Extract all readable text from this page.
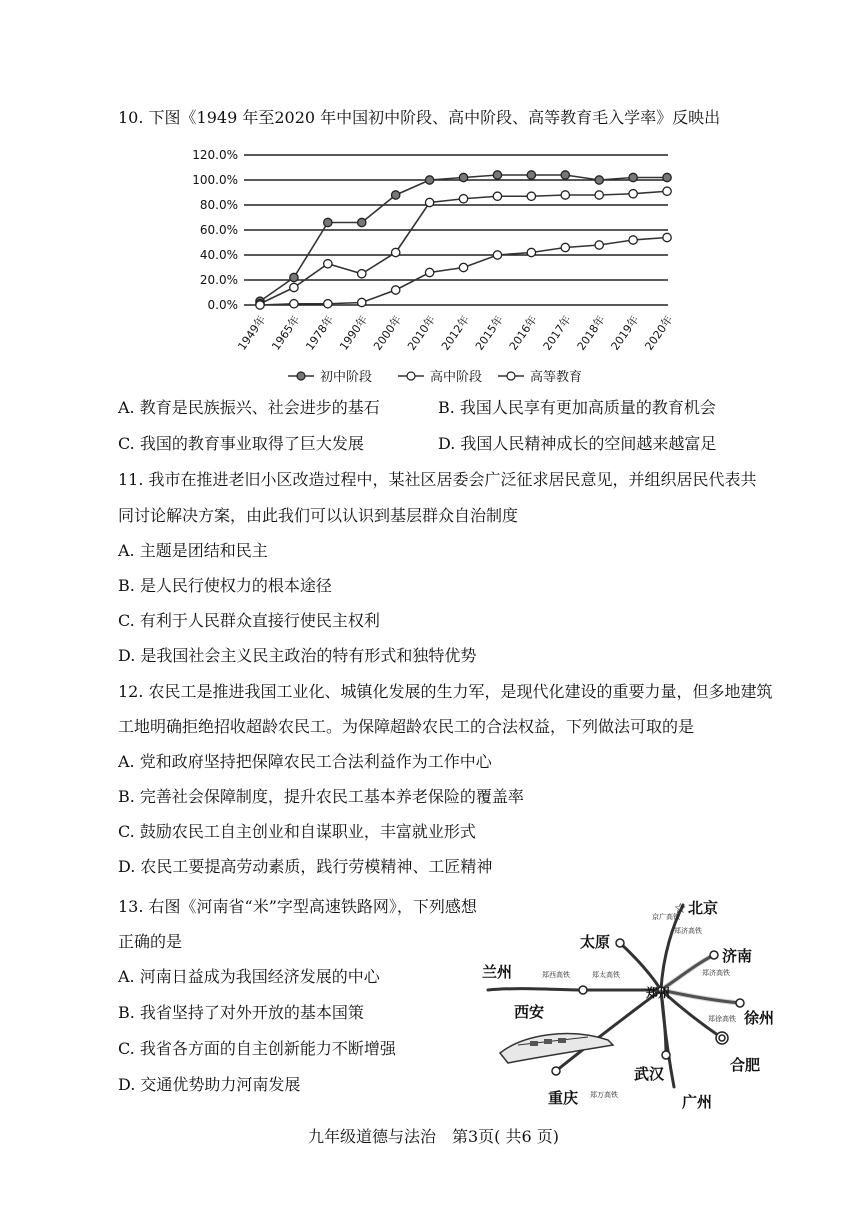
10. 下图《1949 年至2020 年中国初中阶段、高中阶段、高等教育毛入学率》反映出
0.0%
20.0%
40.0%
60.0%
80.0%
100.0%
120.0%
1949年 1965年 1978年 1990年 2000年 2010年 2012年 2015年 2016年 2017年 2018年 2019年 2020年
初中阶段	高中阶段	高等教育
A. 教育是民族振兴、社会进步的基石	B. 我国人民享有更加高质量的教育机会
C. 我国的教育事业取得了巨大发展	D. 我国人民精神成长的空间越来越富足
11. 我市在推进老旧小区改造过程中，某社区居委会广泛征求居民意见，并组织居民代表共
同讨论解决方案，由此我们可以认识到基层群众自治制度
A. 主题是团结和民主
B. 是人民行使权力的根本途径
C. 有利于人民群众直接行使民主权利
D. 是我国社会主义民主政治的特有形式和独特优势
12. 农民工是推进我国工业化、城镇化发展的生力军，是现代化建设的重要力量，但多地建筑
工地明确拒绝招收超龄农民工。为保障超龄农民工的合法权益，下列做法可取的是
A. 党和政府坚持把保障农民工合法利益作为工作中心
B. 完善社会保障制度，提升农民工基本养老保险的覆盖率
C. 鼓励农民工自主创业和自谋职业，丰富就业形式
D. 农民工要提高劳动素质，践行劳模精神、工匠精神
13. 右图《河南省“米”字型高速铁路网》，下列感想
正确的是
A. 河南日益成为我国经济发展的中心
B. 我省坚持了对外开放的基本国策
C. 我省各方面的自主创新能力不断增强
D. 交通优势助力河南发展
☆ 北京
太原
济南
兰州
西安	徐州
合肥
武汉
重庆	广州
郑州
京广高铁
郑济高铁
郑西高铁	郑太高铁	郑济高铁
郑徐高铁
郑万高铁
九年级道德与法治　第3页( 共6 页)
